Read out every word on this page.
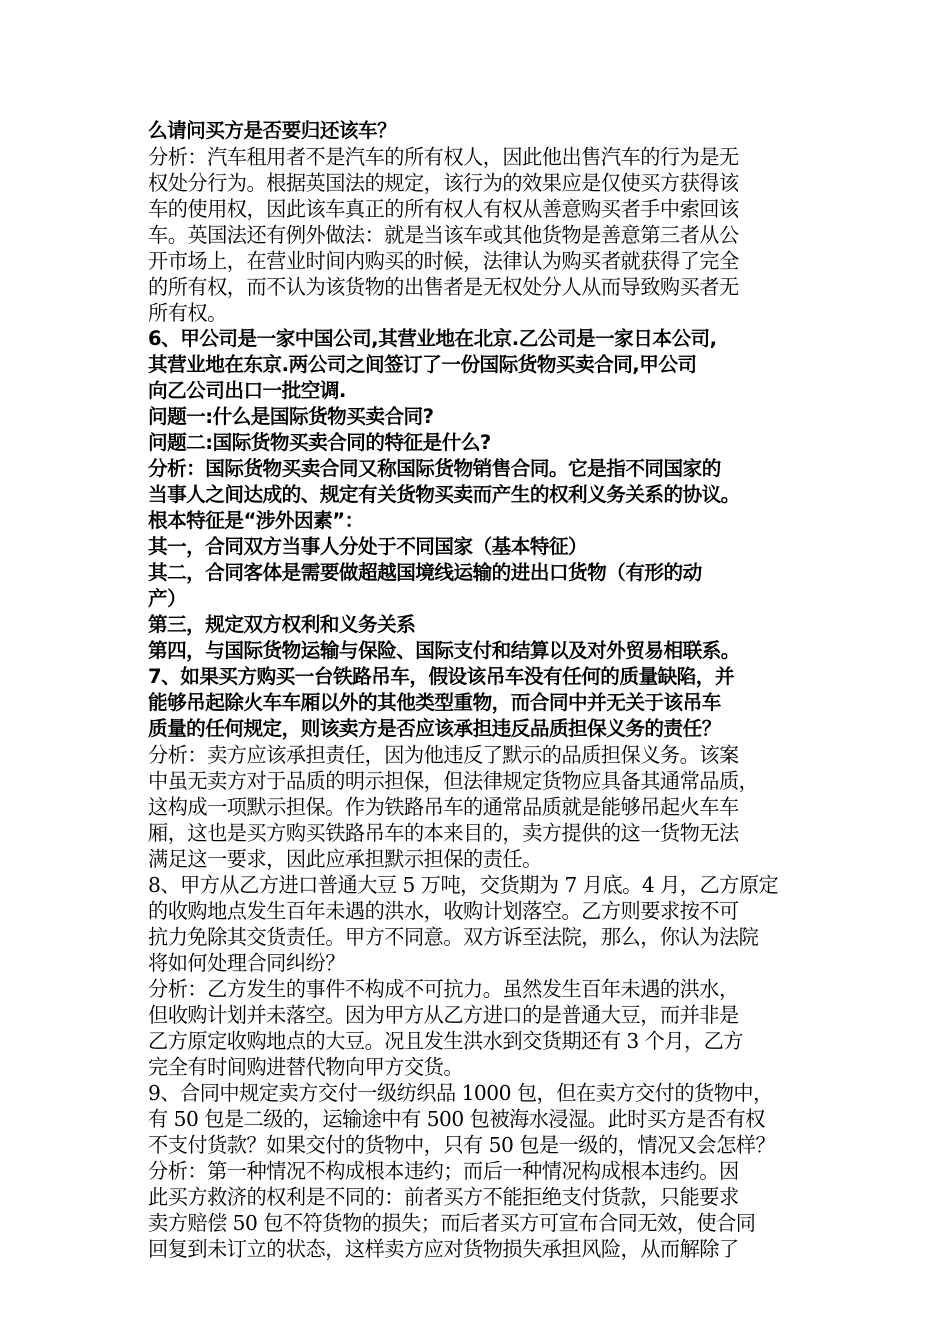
么请问买方是否要归还该车？
分析：汽车租用者不是汽车的所有权人，因此他出售汽车的行为是无
权处分行为。根据英国法的规定，该行为的效果应是仅使买方获得该
车的使用权，因此该车真正的所有权人有权从善意购买者手中索回该
车。英国法还有例外做法：就是当该车或其他货物是善意第三者从公
开市场上，在营业时间内购买的时候，法律认为购买者就获得了完全
的所有权，而不认为该货物的出售者是无权处分人从而导致购买者无
所有权。
6、甲公司是一家中国公司,其营业地在北京.乙公司是一家日本公司,
其营业地在东京.两公司之间签订了一份国际货物买卖合同,甲公司
向乙公司出口一批空调.
问题一:什么是国际货物买卖合同?
问题二:国际货物买卖合同的特征是什么?
分析：国际货物买卖合同又称国际货物销售合同。它是指不同国家的
当事人之间达成的、规定有关货物买卖而产生的权利义务关系的协议。
根本特征是“涉外因素”：
其一，合同双方当事人分处于不同国家（基本特征）
其二，合同客体是需要做超越国境线运输的进出口货物（有形的动
产）
第三，规定双方权利和义务关系
第四，与国际货物运输与保险、国际支付和结算以及对外贸易相联系。
7、如果买方购买一台铁路吊车，假设该吊车没有任何的质量缺陷，并
能够吊起除火车车厢以外的其他类型重物，而合同中并无关于该吊车
质量的任何规定，则该卖方是否应该承担违反品质担保义务的责任？
分析：卖方应该承担责任，因为他违反了默示的品质担保义务。该案
中虽无卖方对于品质的明示担保，但法律规定货物应具备其通常品质，
这构成一项默示担保。作为铁路吊车的通常品质就是能够吊起火车车
厢，这也是买方购买铁路吊车的本来目的，卖方提供的这一货物无法
满足这一要求，因此应承担默示担保的责任。
8、甲方从乙方进口普通大豆 5 万吨，交货期为 7 月底。4 月，乙方原定
的收购地点发生百年未遇的洪水，收购计划落空。乙方则要求按不可
抗力免除其交货责任。甲方不同意。双方诉至法院，那么，你认为法院
将如何处理合同纠纷？
分析：乙方发生的事件不构成不可抗力。虽然发生百年未遇的洪水，
但收购计划并未落空。因为甲方从乙方进口的是普通大豆，而并非是
乙方原定收购地点的大豆。况且发生洪水到交货期还有 3 个月，乙方
完全有时间购进替代物向甲方交货。
9、合同中规定卖方交付一级纺织品 1000 包，但在卖方交付的货物中，
有 50 包是二级的，运输途中有 500 包被海水浸湿。此时买方是否有权
不支付货款？如果交付的货物中，只有 50 包是一级的，情况又会怎样？
分析：第一种情况不构成根本违约；而后一种情况构成根本违约。因
此买方救济的权利是不同的：前者买方不能拒绝支付货款，只能要求
卖方赔偿 50 包不符货物的损失；而后者买方可宣布合同无效，使合同
回复到未订立的状态，这样卖方应对货物损失承担风险，从而解除了
